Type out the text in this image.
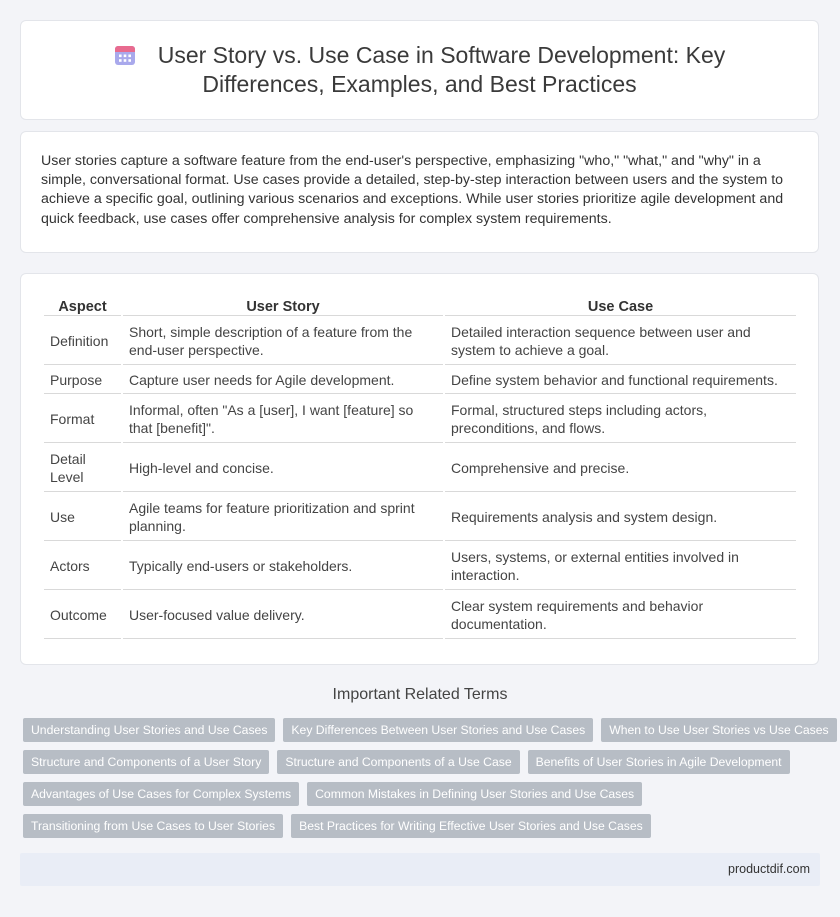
User Story vs. Use Case in Software Development: Key Differences, Examples, and Best Practices

User stories capture a software feature from the end-user's perspective, emphasizing "who," "what," and "why" in a simple, conversational format. Use cases provide a detailed, step-by-step interaction between users and the system to achieve a specific goal, outlining various scenarios and exceptions. While user stories prioritize agile development and quick feedback, use cases offer comprehensive analysis for complex system requirements.

Aspect	User Story	Use Case
Definition	Short, simple description of a feature from the end-user perspective.	Detailed interaction sequence between user and system to achieve a goal.
Purpose	Capture user needs for Agile development.	Define system behavior and functional requirements.
Format	Informal, often "As a [user], I want [feature] so that [benefit]".	Formal, structured steps including actors, preconditions, and flows.
Detail Level	High-level and concise.	Comprehensive and precise.
Use	Agile teams for feature prioritization and sprint planning.	Requirements analysis and system design.
Actors	Typically end-users or stakeholders.	Users, systems, or external entities involved in interaction.
Outcome	User-focused value delivery.	Clear system requirements and behavior documentation.
Important Related Terms
Understanding User Stories and Use Cases	Key Differences Between User Stories and Use Cases	When to Use User Stories vs Use Cases
Structure and Components of a User Story	Structure and Components of a Use Case	Benefits of User Stories in Agile Development
Advantages of Use Cases for Complex Systems	Common Mistakes in Defining User Stories and Use Cases
Transitioning from Use Cases to User Stories	Best Practices for Writing Effective User Stories and Use Cases
productdif.com
